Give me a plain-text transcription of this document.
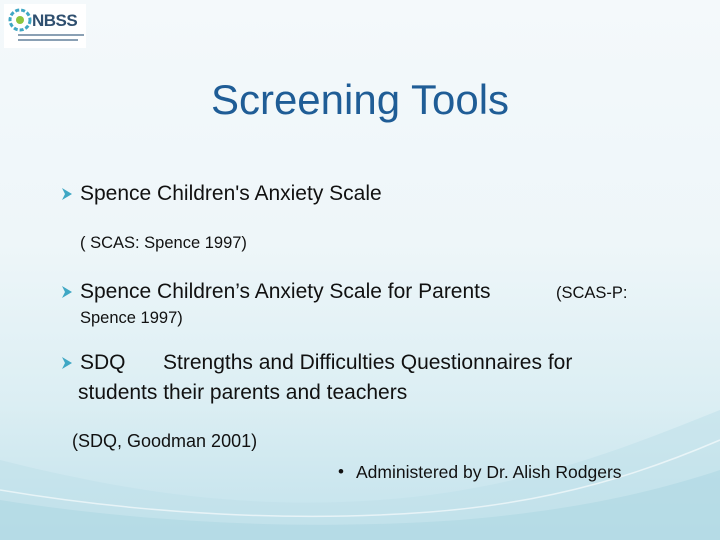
NBSS
Screening Tools
Spence Children's Anxiety Scale
( SCAS: Spence 1997)
Spence Children’s Anxiety Scale for Parents	(SCAS-P:
Spence 1997)
SDQ Strengths and Difficulties Questionnaires for
students their parents and teachers
(SDQ, Goodman 2001)
• Administered by Dr. Alish Rodgers
